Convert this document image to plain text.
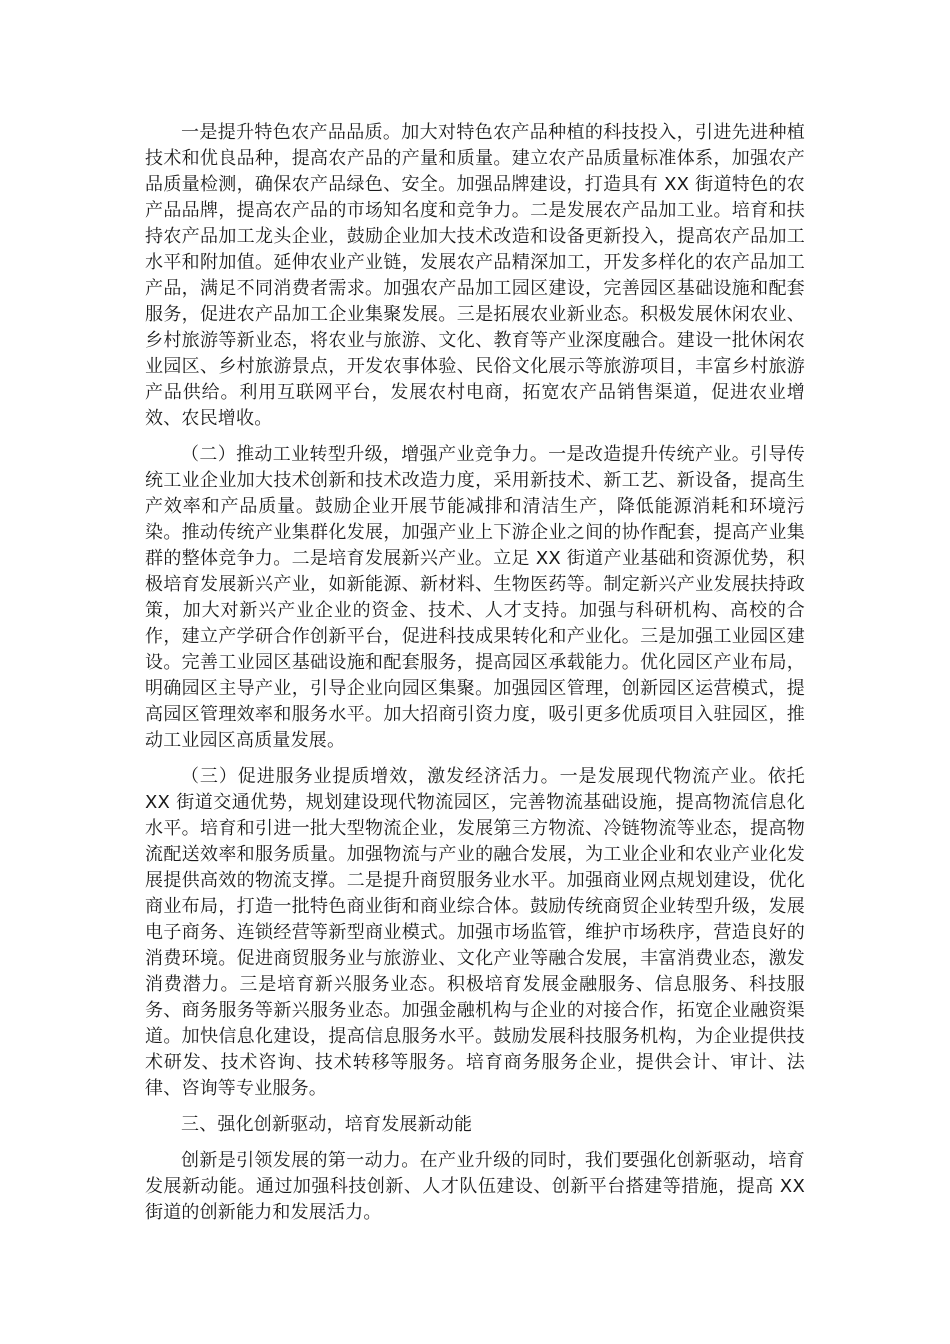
一是提升特色农产品品质。加大对特色农产品种植的科技投入，引进先进种植技术和优良品种，提高农产品的产量和质量。建立农产品质量标准体系，加强农产品质量检测，确保农产品绿色、安全。加强品牌建设，打造具有 XX 街道特色的农产品品牌，提高农产品的市场知名度和竞争力。二是发展农产品加工业。培育和扶持农产品加工龙头企业，鼓励企业加大技术改造和设备更新投入，提高农产品加工水平和附加值。延伸农业产业链，发展农产品精深加工，开发多样化的农产品加工产品，满足不同消费者需求。加强农产品加工园区建设，完善园区基础设施和配套服务，促进农产品加工企业集聚发展。三是拓展农业新业态。积极发展休闲农业、乡村旅游等新业态，将农业与旅游、文化、教育等产业深度融合。建设一批休闲农业园区、乡村旅游景点，开发农事体验、民俗文化展示等旅游项目，丰富乡村旅游产品供给。利用互联网平台，发展农村电商，拓宽农产品销售渠道，促进农业增效、农民增收。

（二）推动工业转型升级，增强产业竞争力。一是改造提升传统产业。引导传统工业企业加大技术创新和技术改造力度，采用新技术、新工艺、新设备，提高生产效率和产品质量。鼓励企业开展节能减排和清洁生产，降低能源消耗和环境污染。推动传统产业集群化发展，加强产业上下游企业之间的协作配套，提高产业集群的整体竞争力。二是培育发展新兴产业。立足 XX 街道产业基础和资源优势，积极培育发展新兴产业，如新能源、新材料、生物医药等。制定新兴产业发展扶持政策，加大对新兴产业企业的资金、技术、人才支持。加强与科研机构、高校的合作，建立产学研合作创新平台，促进科技成果转化和产业化。三是加强工业园区建设。完善工业园区基础设施和配套服务，提高园区承载能力。优化园区产业布局，明确园区主导产业，引导企业向园区集聚。加强园区管理，创新园区运营模式，提高园区管理效率和服务水平。加大招商引资力度，吸引更多优质项目入驻园区，推动工业园区高质量发展。

（三）促进服务业提质增效，激发经济活力。一是发展现代物流产业。依托 XX 街道交通优势，规划建设现代物流园区，完善物流基础设施，提高物流信息化水平。培育和引进一批大型物流企业，发展第三方物流、冷链物流等业态，提高物流配送效率和服务质量。加强物流与产业的融合发展，为工业企业和农业产业化发展提供高效的物流支撑。二是提升商贸服务业水平。加强商业网点规划建设，优化商业布局，打造一批特色商业街和商业综合体。鼓励传统商贸企业转型升级，发展电子商务、连锁经营等新型商业模式。加强市场监管，维护市场秩序，营造良好的消费环境。促进商贸服务业与旅游业、文化产业等融合发展，丰富消费业态，激发消费潜力。三是培育新兴服务业态。积极培育发展金融服务、信息服务、科技服务、商务服务等新兴服务业态。加强金融机构与企业的对接合作，拓宽企业融资渠道。加快信息化建设，提高信息服务水平。鼓励发展科技服务机构，为企业提供技术研发、技术咨询、技术转移等服务。培育商务服务企业，提供会计、审计、法律、咨询等专业服务。

三、强化创新驱动，培育发展新动能

创新是引领发展的第一动力。在产业升级的同时，我们要强化创新驱动，培育发展新动能。通过加强科技创新、人才队伍建设、创新平台搭建等措施，提高 XX 街道的创新能力和发展活力。
